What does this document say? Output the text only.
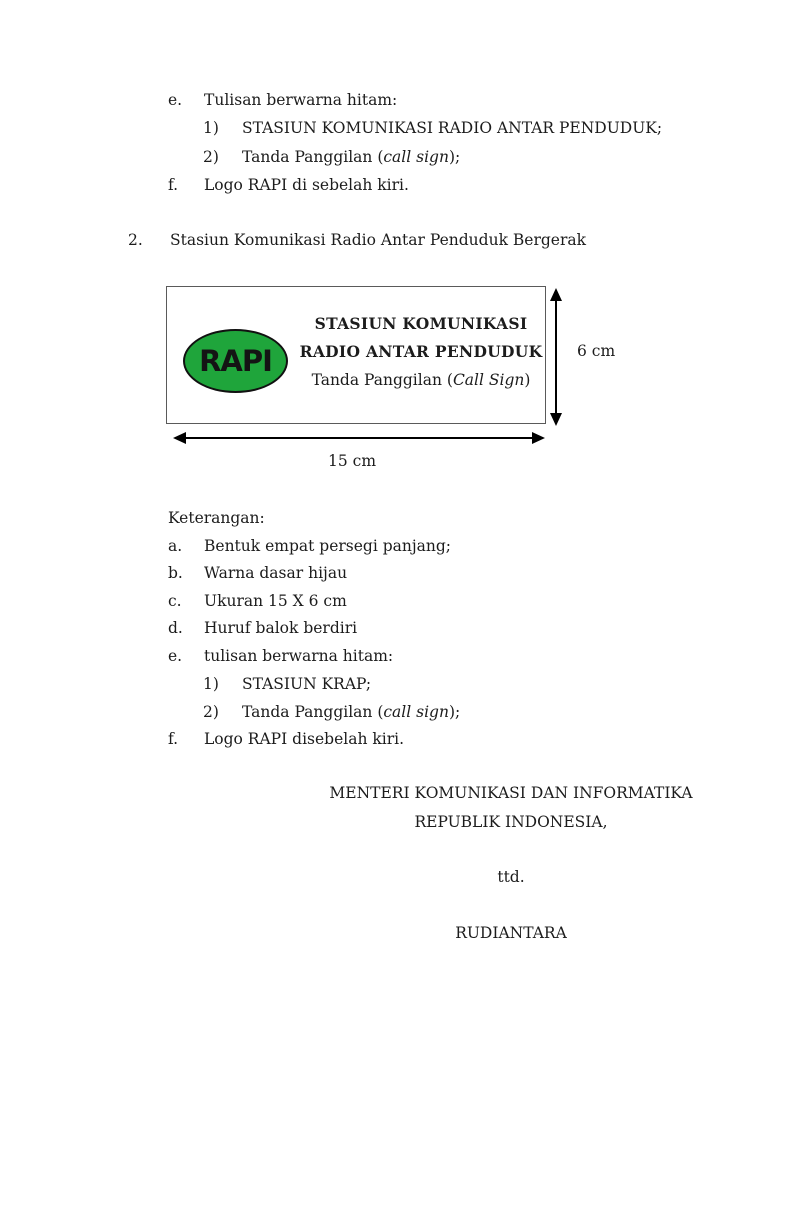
e. Tulisan berwarna hitam:
1) STASIUN KOMUNIKASI RADIO ANTAR PENDUDUK;
2) Tanda Panggilan (call sign);
f. Logo RAPI di sebelah kiri.
2. Stasiun Komunikasi Radio Antar Penduduk Bergerak
RAPI
STASIUN KOMUNIKASI
RADIO ANTAR PENDUDUK
Tanda Panggilan (Call Sign)
6 cm
15 cm
Keterangan:
a. Bentuk empat persegi panjang;
b. Warna dasar hijau
c. Ukuran 15 X 6 cm
d. Huruf balok berdiri
e. tulisan berwarna hitam:
1) STASIUN KRAP;
2) Tanda Panggilan (call sign);
f. Logo RAPI disebelah kiri.
MENTERI KOMUNIKASI DAN INFORMATIKA
REPUBLIK INDONESIA,
ttd.
RUDIANTARA
